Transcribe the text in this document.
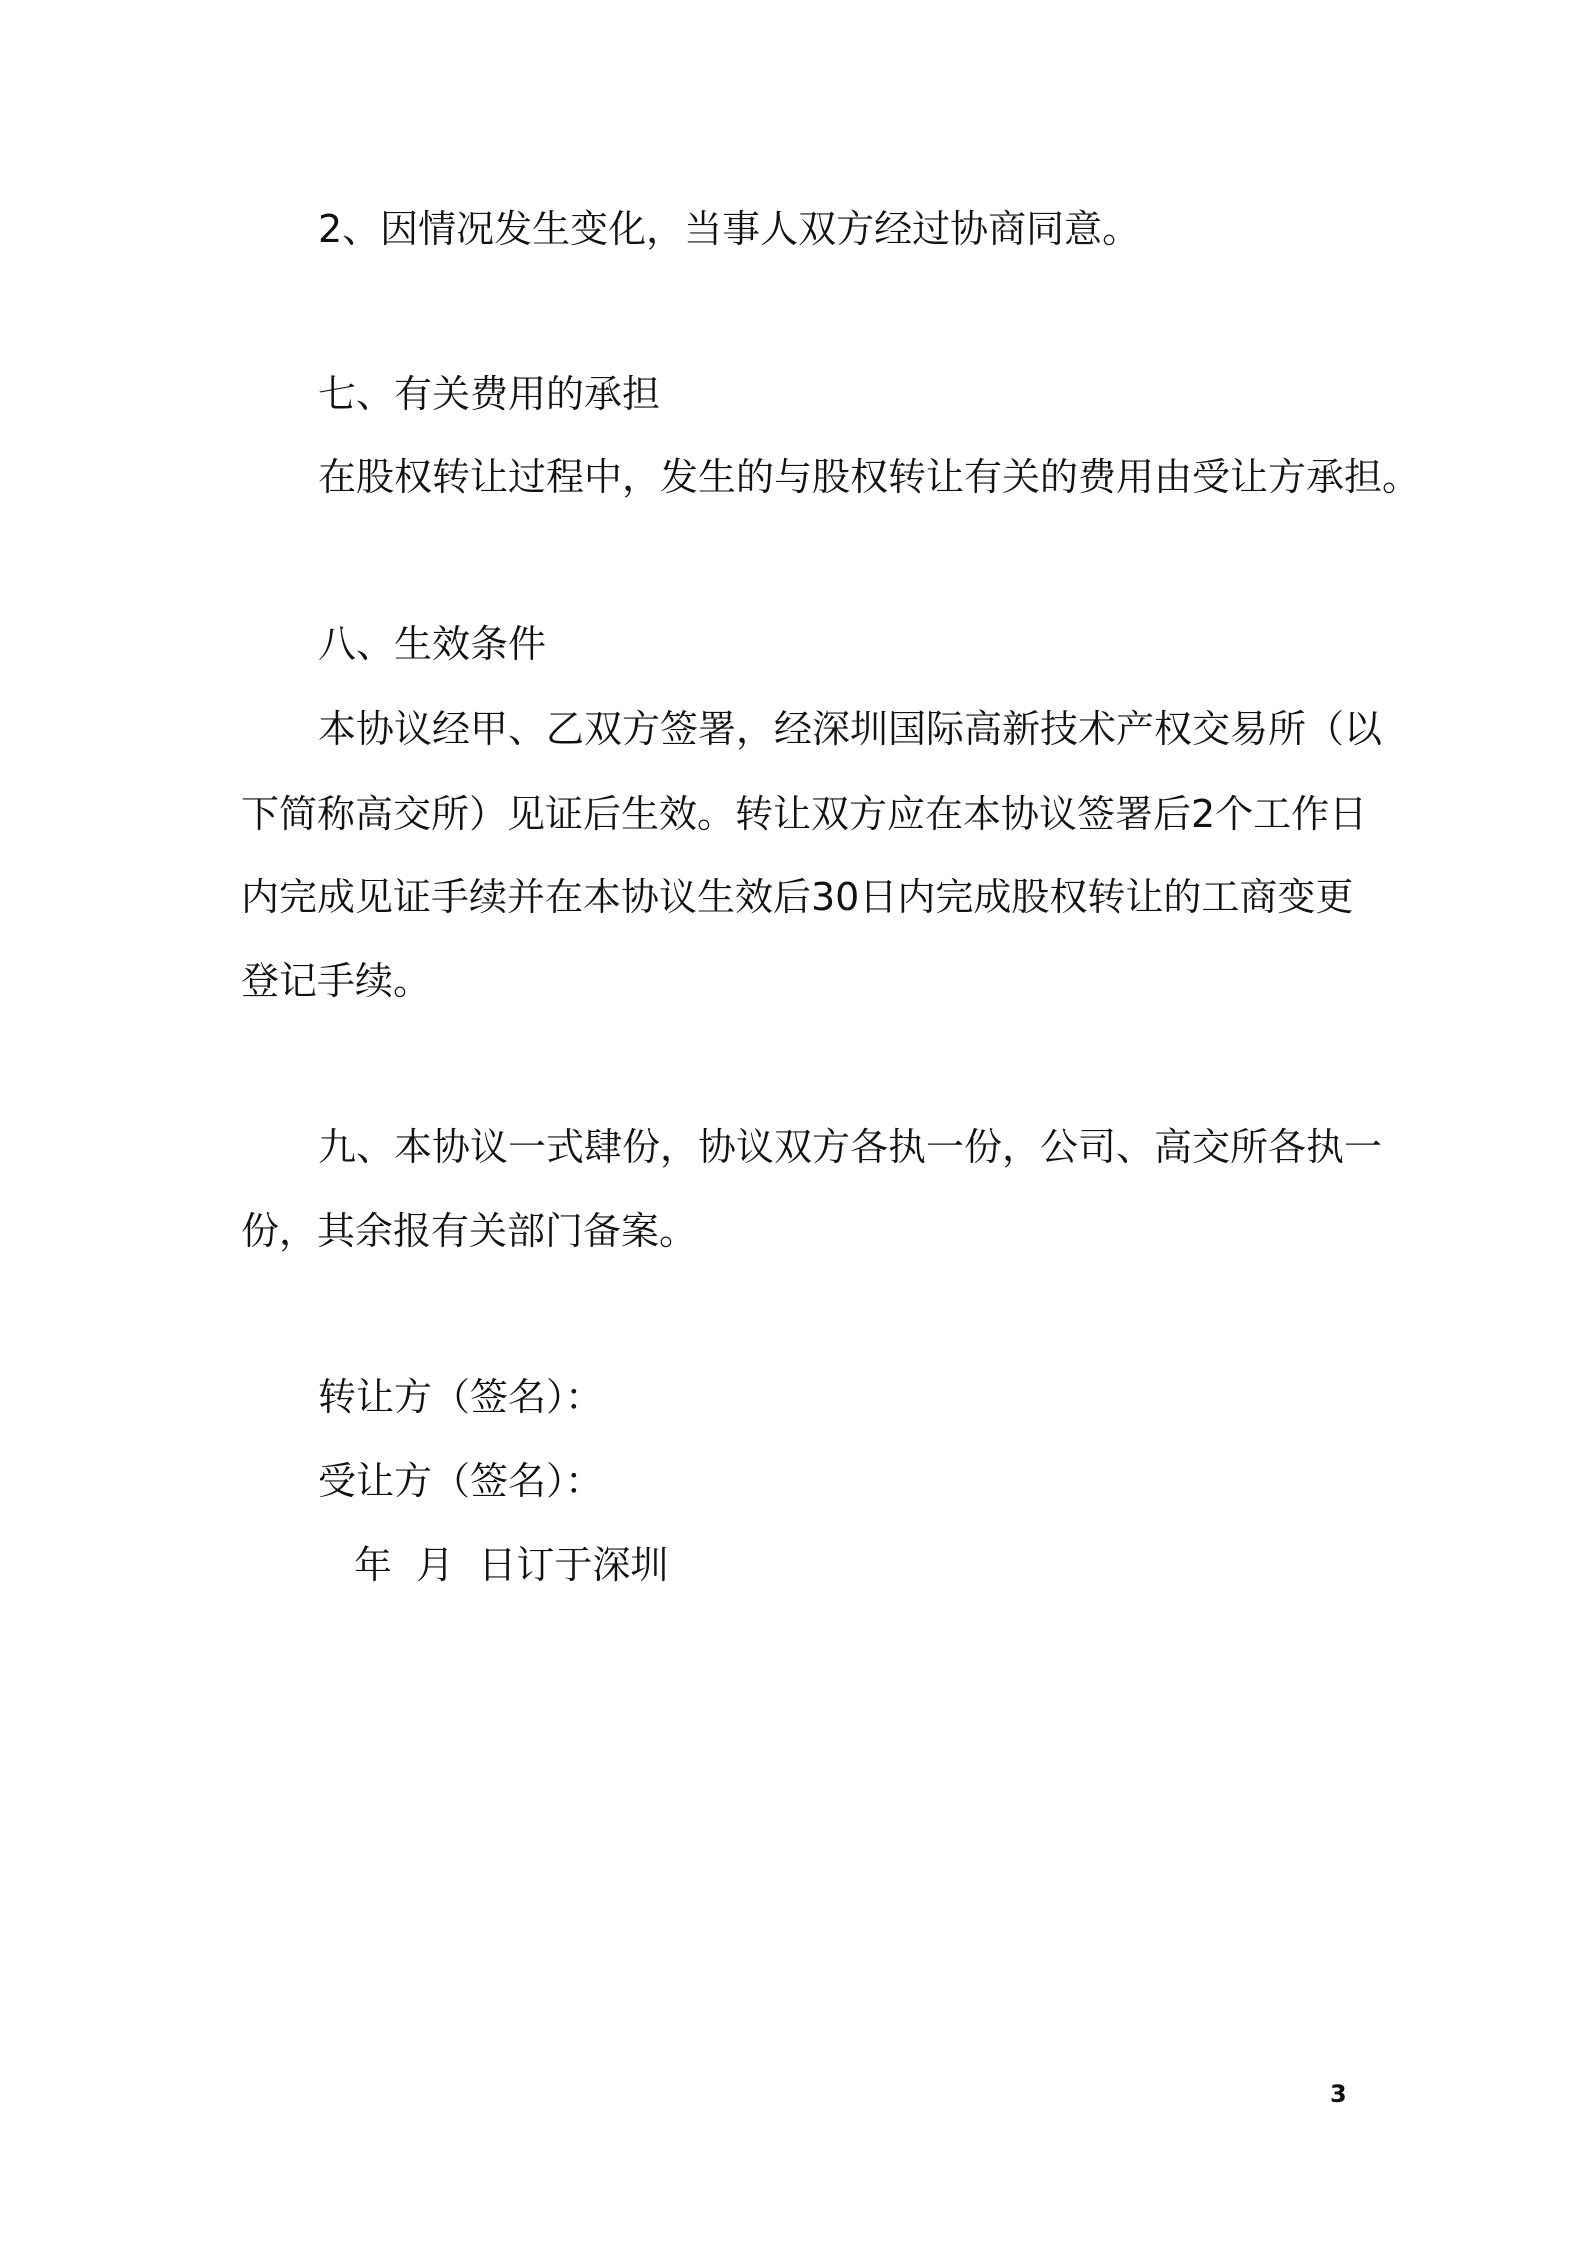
2、因情况发生变化，当事人双方经过协商同意。

七、有关费用的承担

在股权转让过程中，发生的与股权转让有关的费用由受让方承担。

八、生效条件

本协议经甲、乙双方签署，经深圳国际高新技术产权交易所（以

下简称高交所）见证后生效。转让双方应在本协议签署后2个工作日

内完成见证手续并在本协议生效后30日内完成股权转让的工商变更

登记手续。

九、本协议一式肆份，协议双方各执一份，公司、高交所各执一

份，其余报有关部门备案。

转让方（签名）：

受让方（签名）：

年  月  日订于深圳

3
